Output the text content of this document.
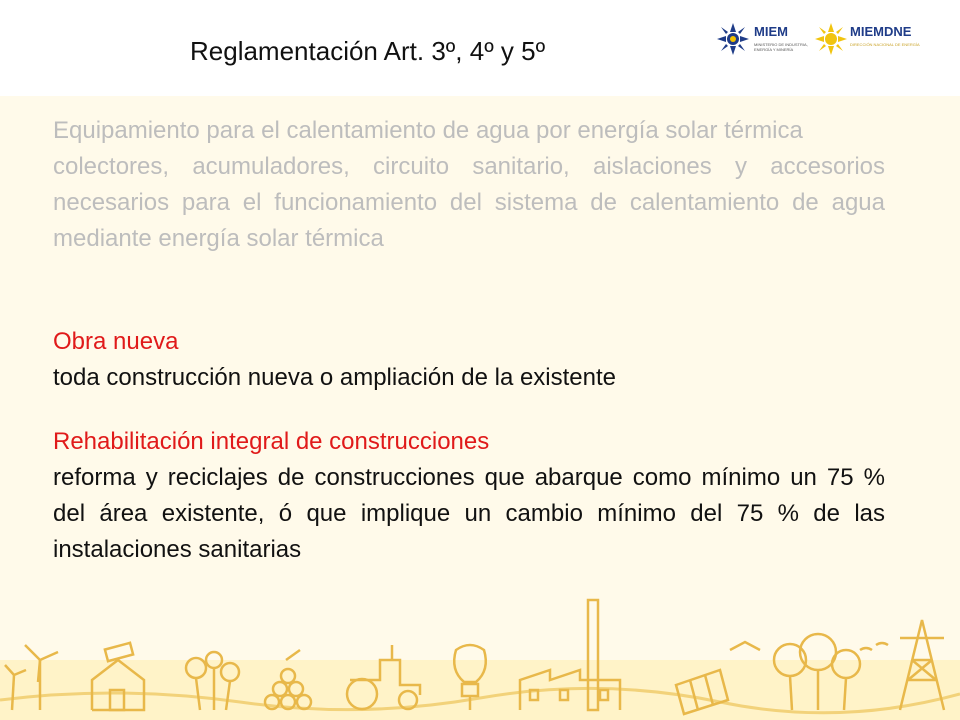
Reglamentación Art. 3º, 4º y 5º
MIEM
MINISTERIO DE INDUSTRIA, ENERGÍA Y MINERÍA
MIEMDNE
DIRECCIÓN NACIONAL DE ENERGÍA

Equipamiento para el calentamiento de agua por energía solar térmica

colectores, acumuladores, circuito sanitario, aislaciones y accesorios necesarios para el funcionamiento del sistema de calentamiento de agua mediante energía solar térmica

Obra nueva
toda construcción nueva o ampliación de la existente
Rehabilitación integral de construcciones
reforma y reciclajes de construcciones que abarque como mínimo un 75 % del área existente, ó que implique un cambio mínimo del 75 % de las instalaciones sanitarias
